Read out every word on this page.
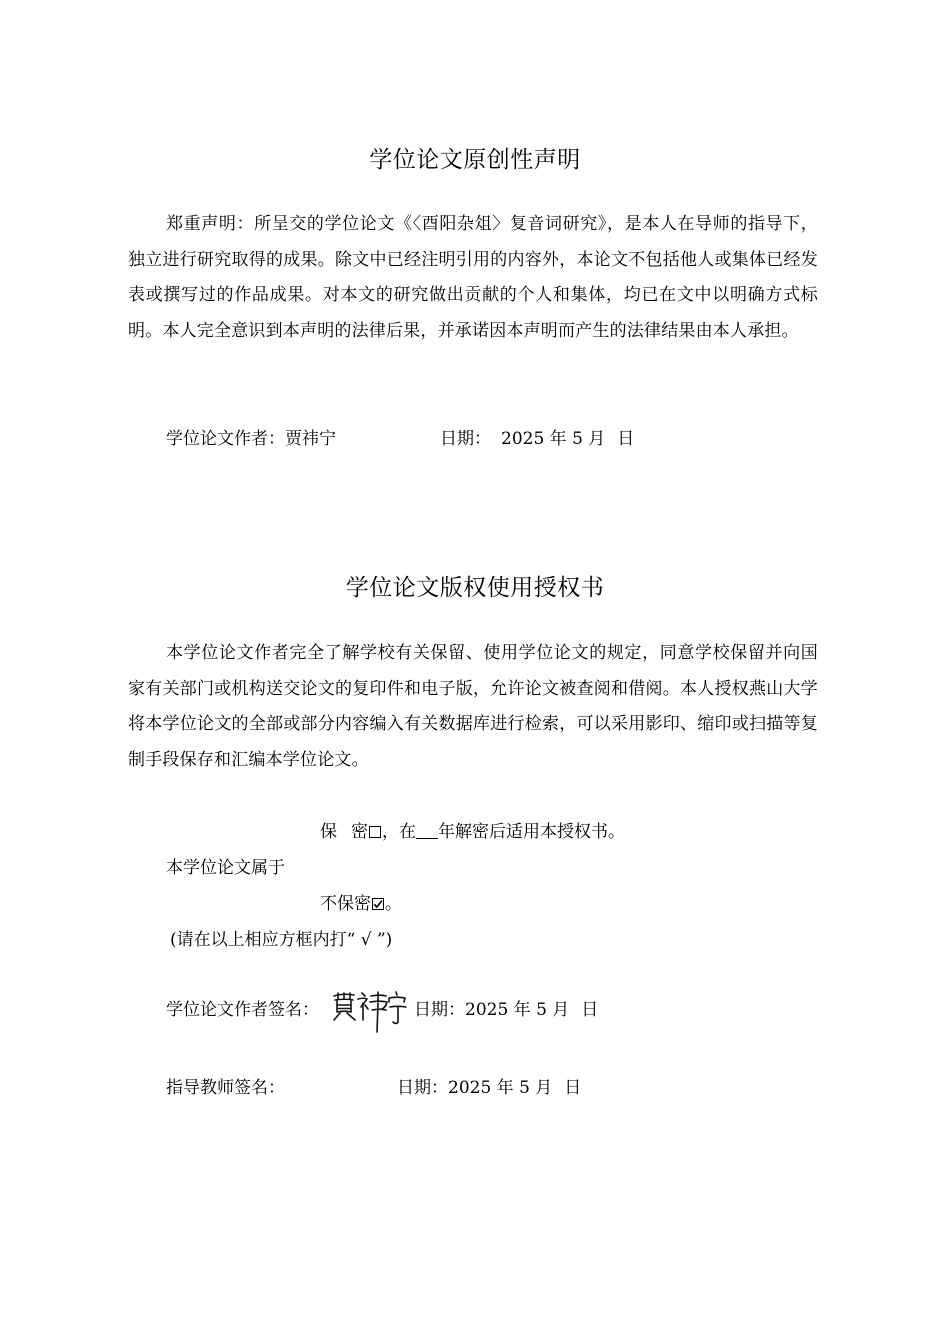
学位论文原创性声明

郑重声明：所呈交的学位论文《〈酉阳杂俎〉复音词研究》，是本人在导师的指导下，独立进行研究取得的成果。除文中已经注明引用的内容外，本论文不包括他人或集体已经发表或撰写过的作品成果。对本文的研究做出贡献的个人和集体，均已在文中以明确方式标明。本人完全意识到本声明的法律后果，并承诺因本声明而产生的法律结果由本人承担。

学位论文作者：贾祎宁	日期： 2025 年 5 月 日
学位论文版权使用授权书

本学位论文作者完全了解学校有关保留、使用学位论文的规定，同意学校保留并向国家有关部门或机构送交论文的复印件和电子版，允许论文被查阅和借阅。本人授权燕山大学将本学位论文的全部或部分内容编入有关数据库进行检索，可以采用影印、缩印或扫描等复制手段保存和汇编本学位论文。

保 密 ，在 年解密后适用本授权书。
本学位论文属于
不保密 。
(请在以上相应方框内打“ √ ”)
学位论文作者签名：	日期：2025 年 5 月 日
指导教师签名：	日期：2025 年 5 月 日
